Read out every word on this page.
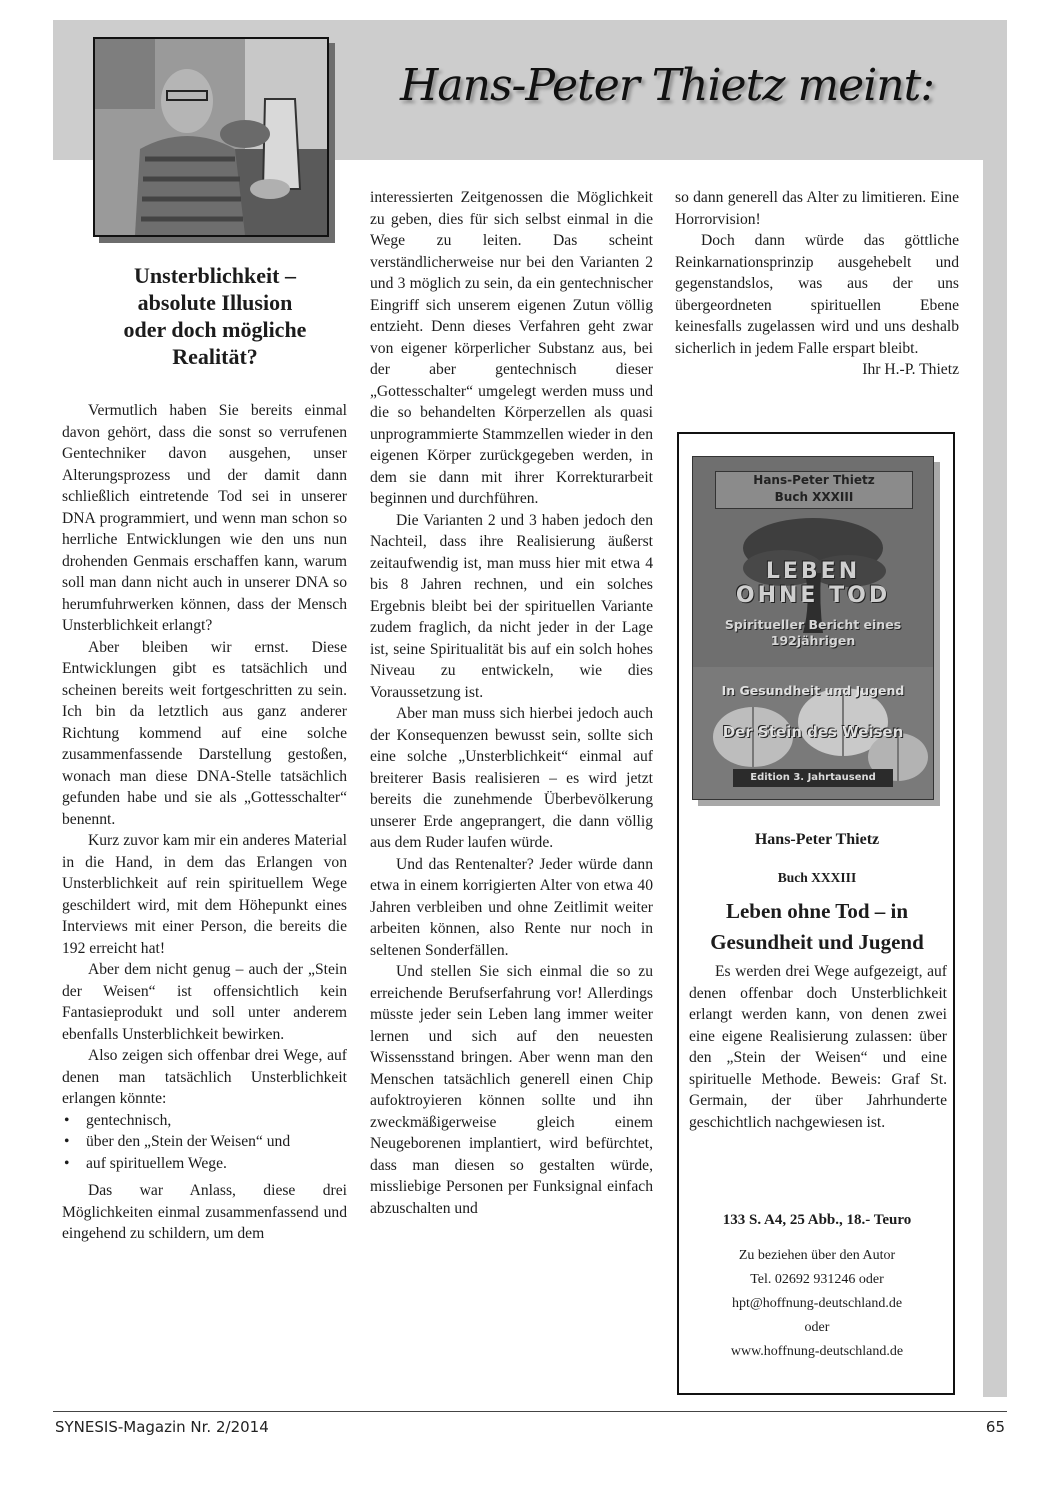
Hans-Peter Thietz meint:
Unsterblichkeit –
absolute Illusion
oder doch mögliche
Realität?

Vermutlich haben Sie bereits einmal davon gehört, dass die sonst so verrufenen Gentechniker davon ausgehen, unser Alterungsprozess und der damit dann schließlich eintretende Tod sei in unserer DNA programmiert, und wenn man schon so herrliche Entwicklungen wie den uns nun drohenden Genmais erschaffen kann, warum soll man dann nicht auch in unserer DNA so herumfuhrwerken können, dass der Mensch Unsterblichkeit erlangt?

Aber bleiben wir ernst. Diese Entwicklungen gibt es tatsächlich und scheinen bereits weit fortgeschritten zu sein. Ich bin da letztlich aus ganz anderer Richtung kommend auf eine solche zusammenfassende Darstellung gestoßen, wonach man diese DNA-Stelle tatsächlich gefunden habe und sie als „Gottesschalter“ benennt.

Kurz zuvor kam mir ein anderes Material in die Hand, in dem das Erlangen von Unsterblichkeit auf rein spirituellem Wege geschildert wird, mit dem Höhepunkt eines Interviews mit einer Person, die bereits die 192 erreicht hat!

Aber dem nicht genug – auch der „Stein der Weisen“ ist offensichtlich kein Fantasieprodukt und soll unter anderem ebenfalls Unsterblichkeit bewirken.

Also zeigen sich offenbar drei Wege, auf denen man tatsächlich Unsterblichkeit erlangen könnte:

• gentechnisch,
• über den „Stein der Weisen“ und
• auf spirituellem Wege.

Das war Anlass, diese drei Möglichkeiten einmal zusammenfassend und eingehend zu schildern, um dem

interessierten Zeitgenossen die Möglichkeit zu geben, dies für sich selbst einmal in die Wege zu leiten. Das scheint verständlicherweise nur bei den Varianten 2 und 3 möglich zu sein, da ein gentechnischer Eingriff sich unserem eigenen Zutun völlig entzieht. Denn dieses Verfahren geht zwar von eigener körperlicher Substanz aus, bei der aber gentechnisch dieser „Gottesschalter“ umgelegt werden muss und die so behandelten Körperzellen als quasi unprogrammierte Stammzellen wieder in den eigenen Körper zurückgegeben werden, in dem sie dann mit ihrer Korrekturarbeit beginnen und durchführen.

Die Varianten 2 und 3 haben jedoch den Nachteil, dass ihre Realisierung äußerst zeitaufwendig ist, man muss hier mit etwa 4 bis 8 Jahren rechnen, und ein solches Ergebnis bleibt bei der spirituellen Variante zudem fraglich, da nicht jeder in der Lage ist, seine Spiritualität bis auf ein solch hohes Niveau zu entwickeln, wie dies Voraussetzung ist.

Aber man muss sich hierbei jedoch auch der Konsequenzen bewusst sein, sollte sich eine solche „Unsterblichkeit“ einmal auf breiterer Basis realisieren – es wird jetzt bereits die zunehmende Überbevölkerung unserer Erde angeprangert, die dann völlig aus dem Ruder laufen würde.

Und das Rentenalter? Jeder würde dann etwa in einem korrigierten Alter von etwa 40 Jahren verbleiben und ohne Zeitlimit weiter arbeiten können, also Rente nur noch in seltenen Sonderfällen.

Und stellen Sie sich einmal die so zu erreichende Berufserfahrung vor! Allerdings müsste jeder sein Leben lang immer weiter lernen und sich auf den neuesten Wissensstand bringen. Aber wenn man den Menschen tatsächlich generell einen Chip aufoktroyieren können sollte und ihn zweckmäßigerweise gleich einem Neugeborenen implantiert, wird befürchtet, dass man diesen so gestalten würde, missliebige Personen per Funksignal einfach abzuschalten und

so dann generell das Alter zu limitieren. Eine Horrorvision!

Doch dann würde das göttliche Reinkarnationsprinzip ausgehebelt und gegenstandslos, was aus der uns übergeordneten spirituellen Ebene keinesfalls zugelassen wird und uns deshalb sicherlich in jedem Falle erspart bleibt.

Ihr H.-P. Thietz

Hans-Peter Thietz
Buch XXXIII
LEBEN
OHNE TOD
Spiritueller Bericht eines 192jährigen
In Gesundheit und Jugend
Der Stein des Weisen
Edition 3. Jahrtausend
Hans-Peter Thietz
Buch XXXIII
Leben ohne Tod – in
Gesundheit und Jugend
Es werden drei Wege aufgezeigt, auf denen offenbar doch Unsterblichkeit erlangt werden kann, von denen zwei eine eigene Realisierung zulassen: über den „Stein der Weisen“ und eine spirituelle Methode. Beweis: Graf St. Germain, der über Jahrhunderte geschichtlich nachgewiesen ist.
133 S. A4, 25 Abb., 18.- Teuro
Zu beziehen über den Autor
Tel. 02692 931246 oder
hpt@hoffnung-deutschland.de
oder
www.hoffnung-deutschland.de
SYNESIS-Magazin Nr. 2/2014	65
